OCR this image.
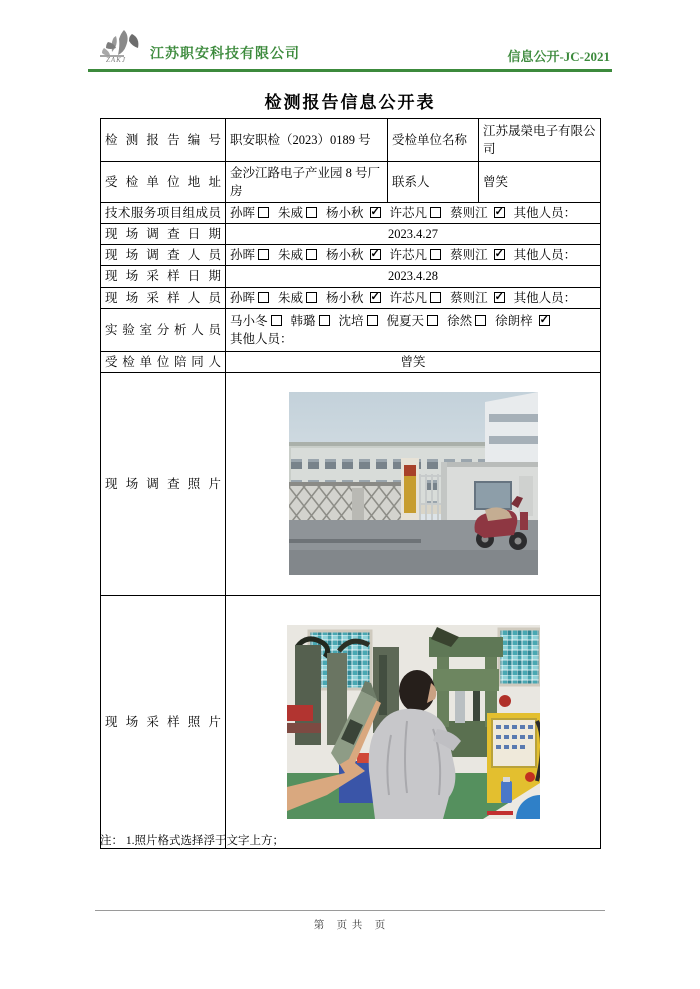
ZAKJ 江苏职安科技有限公司	信息公开-JC-2021
检测报告信息公开表
检测报告编号	职安职检（2023）0189 号	受检单位名称	江苏晟榮电子有限公司
受检单位地址	金沙江路电子产业园 8 号厂房	联系人	曾笑
技术服务项目组成员	孙晖 朱威 杨小秋 ✓ 许芯凡 蔡则江✓ 其他人员：
现场调查日期	2023.4.27		
现场调查人员	孙晖 朱威 杨小秋 ✓ 许芯凡 蔡则江✓ 其他人员：
现场采样日期	2023.4.28		
现场采样人员	孙晖 朱威 杨小秋 ✓ 许芯凡 蔡则江✓ 其他人员：
实验室分析人员	马小冬 韩璐 沈培 倪夏天 徐然 徐朗梓✓
其他人员：

受检单位陪同人	曾笑		
现场调查照片	
现场采样照片	
注： 1.照片格式选择浮于文字上方；
第　页 共　页
